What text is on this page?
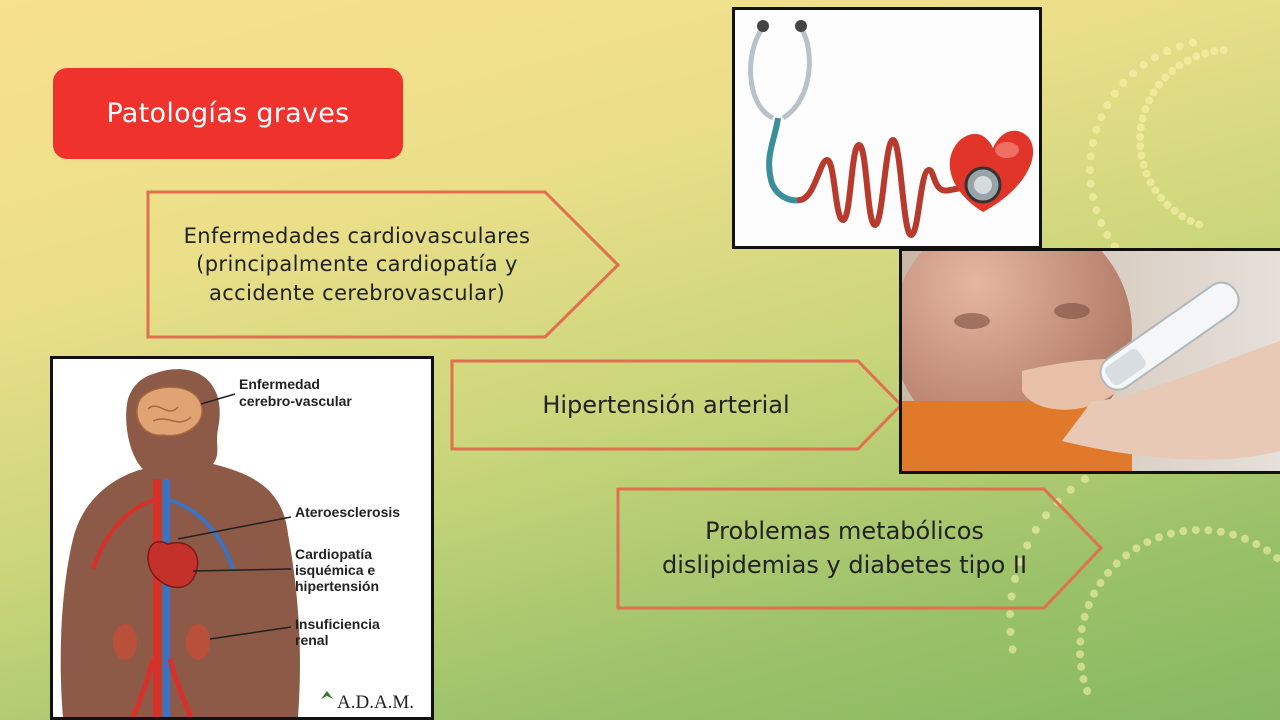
Patologías graves
Enfermedades cardiovasculares
(principalmente cardiopatía y
accidente cerebrovascular)
Hipertensión arterial
Problemas metabólicos
dislipidemias y diabetes tipo II
Enfermedad
cerebro-vascular
Ateroesclerosis
Cardiopatía
isquémica e
hipertensión
Insuficiencia
renal
A.D.A.M.
